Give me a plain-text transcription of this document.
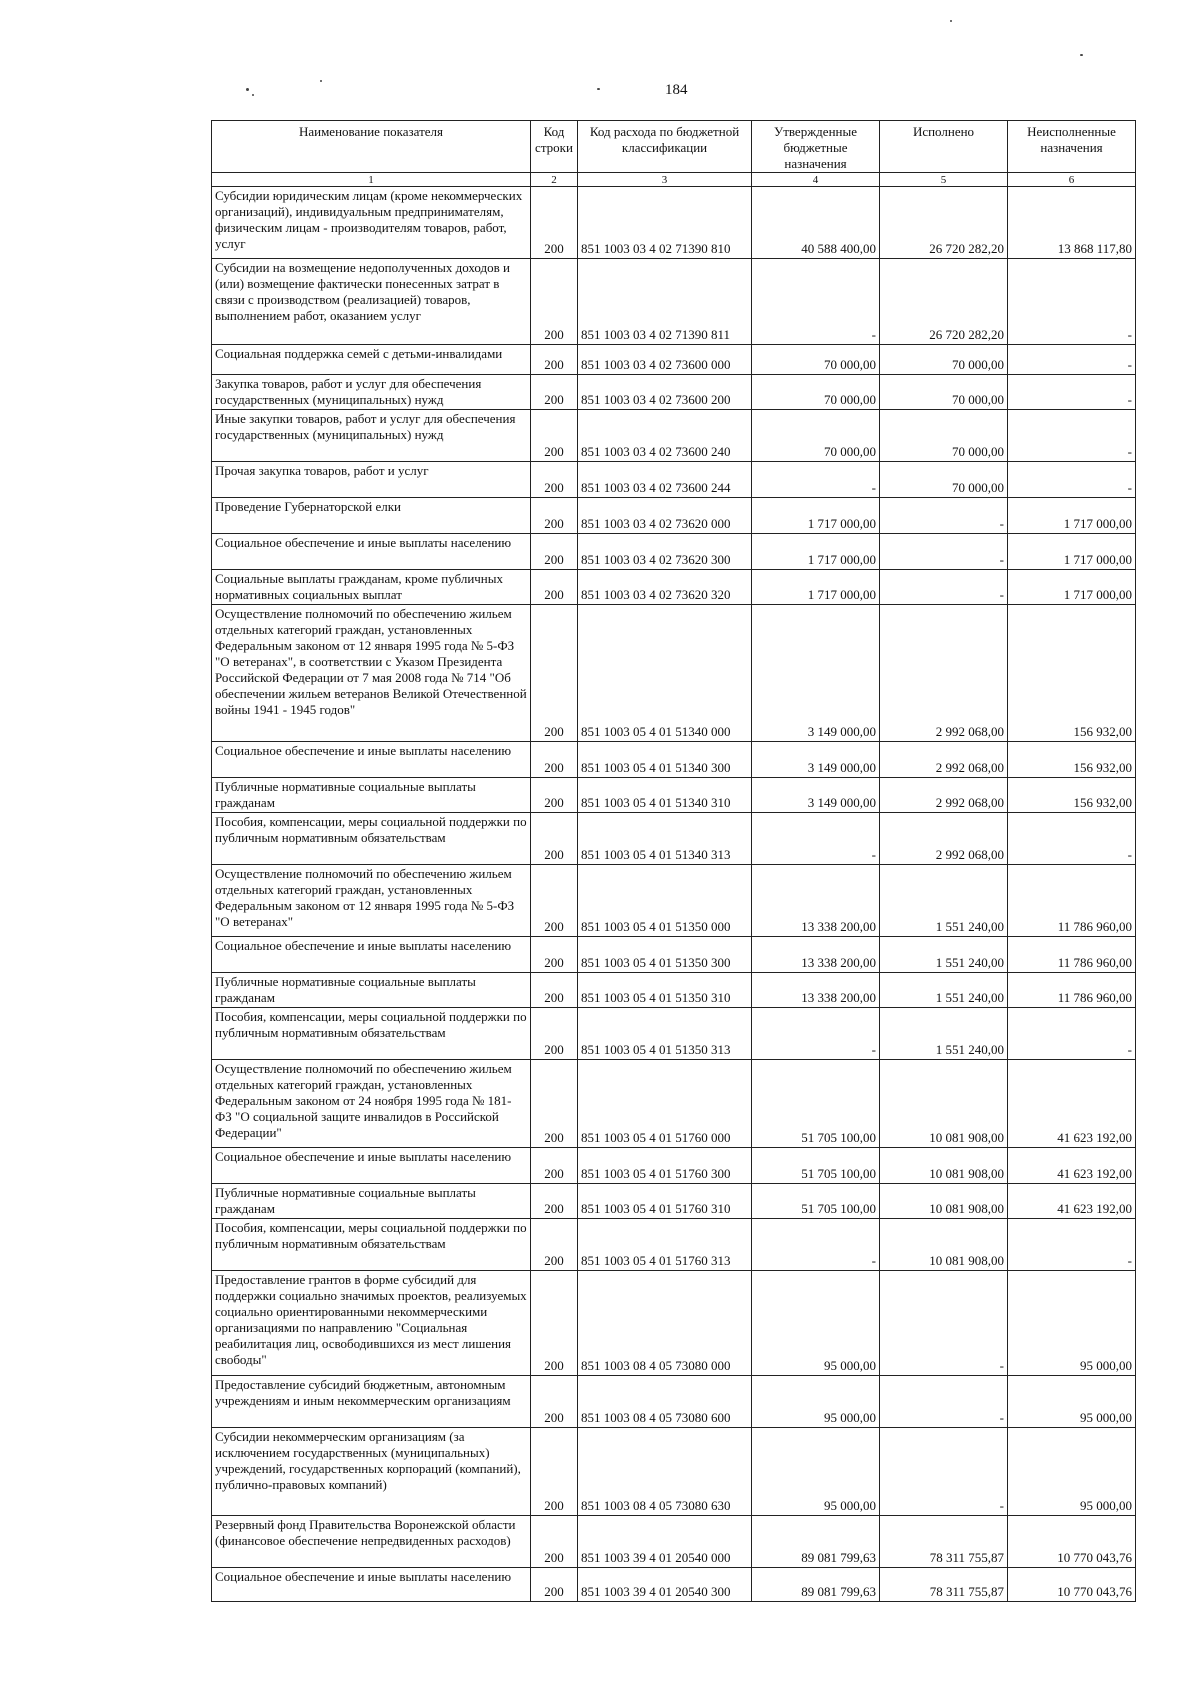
184
Наименование показателя	Код строки	Код расхода по бюджетной классификации	Утвержденные бюджетные назначения	Исполнено	Неисполненные назначения
1	2	3	4	5	6
Субсидии юридическим лицам (кроме некоммерческих организаций), индивидуальным предпринимателям, физическим лицам - производителям товаров, работ, услуг	200	851 1003 03 4 02 71390 810	40 588 400,00	26 720 282,20	13 868 117,80
Субсидии на возмещение недополученных доходов и (или) возмещение фактически понесенных затрат в связи с производством (реализацией) товаров, выполнением работ, оказанием услуг	200	851 1003 03 4 02 71390 811	-	26 720 282,20	-
Социальная поддержка семей с детьми-инвалидами	200	851 1003 03 4 02 73600 000	70 000,00	70 000,00	-
Закупка товаров, работ и услуг для обеспечения государственных (муниципальных) нужд	200	851 1003 03 4 02 73600 200	70 000,00	70 000,00	-
Иные закупки товаров, работ и услуг для обеспечения государственных (муниципальных) нужд	200	851 1003 03 4 02 73600 240	70 000,00	70 000,00	-
Прочая закупка товаров, работ и услуг	200	851 1003 03 4 02 73600 244	-	70 000,00	-
Проведение Губернаторской елки	200	851 1003 03 4 02 73620 000	1 717 000,00	-	1 717 000,00
Социальное обеспечение и иные выплаты населению	200	851 1003 03 4 02 73620 300	1 717 000,00	-	1 717 000,00
Социальные выплаты гражданам, кроме публичных нормативных социальных выплат	200	851 1003 03 4 02 73620 320	1 717 000,00	-	1 717 000,00
Осуществление полномочий по обеспечению жильем отдельных категорий граждан, установленных Федеральным законом от 12 января 1995 года № 5-ФЗ "О ветеранах", в соответствии с Указом Президента Российской Федерации от 7 мая 2008 года № 714 "Об обеспечении жильем ветеранов Великой Отечественной войны 1941 - 1945 годов"	200	851 1003 05 4 01 51340 000	3 149 000,00	2 992 068,00	156 932,00
Социальное обеспечение и иные выплаты населению	200	851 1003 05 4 01 51340 300	3 149 000,00	2 992 068,00	156 932,00
Публичные нормативные социальные выплаты гражданам	200	851 1003 05 4 01 51340 310	3 149 000,00	2 992 068,00	156 932,00
Пособия, компенсации, меры социальной поддержки по публичным нормативным обязательствам	200	851 1003 05 4 01 51340 313	-	2 992 068,00	-
Осуществление полномочий по обеспечению жильем отдельных категорий граждан, установленных Федеральным законом от 12 января 1995 года № 5-ФЗ "О ветеранах"	200	851 1003 05 4 01 51350 000	13 338 200,00	1 551 240,00	11 786 960,00
Социальное обеспечение и иные выплаты населению	200	851 1003 05 4 01 51350 300	13 338 200,00	1 551 240,00	11 786 960,00
Публичные нормативные социальные выплаты гражданам	200	851 1003 05 4 01 51350 310	13 338 200,00	1 551 240,00	11 786 960,00
Пособия, компенсации, меры социальной поддержки по публичным нормативным обязательствам	200	851 1003 05 4 01 51350 313	-	1 551 240,00	-
Осуществление полномочий по обеспечению жильем отдельных категорий граждан, установленных Федеральным законом от 24 ноября 1995 года № 181-ФЗ "О социальной защите инвалидов в Российской Федерации"	200	851 1003 05 4 01 51760 000	51 705 100,00	10 081 908,00	41 623 192,00
Социальное обеспечение и иные выплаты населению	200	851 1003 05 4 01 51760 300	51 705 100,00	10 081 908,00	41 623 192,00
Публичные нормативные социальные выплаты гражданам	200	851 1003 05 4 01 51760 310	51 705 100,00	10 081 908,00	41 623 192,00
Пособия, компенсации, меры социальной поддержки по публичным нормативным обязательствам	200	851 1003 05 4 01 51760 313	-	10 081 908,00	-
Предоставление грантов в форме субсидий для поддержки социально значимых проектов, реализуемых социально ориентированными некоммерческими организациями по направлению "Социальная реабилитация лиц, освободившихся из мест лишения свободы"	200	851 1003 08 4 05 73080 000	95 000,00	-	95 000,00
Предоставление субсидий бюджетным, автономным учреждениям и иным некоммерческим организациям	200	851 1003 08 4 05 73080 600	95 000,00	-	95 000,00
Субсидии некоммерческим организациям (за исключением государственных (муниципальных) учреждений, государственных корпораций (компаний), публично-правовых компаний)	200	851 1003 08 4 05 73080 630	95 000,00	-	95 000,00
Резервный фонд Правительства Воронежской области (финансовое обеспечение непредвиденных расходов)	200	851 1003 39 4 01 20540 000	89 081 799,63	78 311 755,87	10 770 043,76
Социальное обеспечение и иные выплаты населению	200	851 1003 39 4 01 20540 300	89 081 799,63	78 311 755,87	10 770 043,76
